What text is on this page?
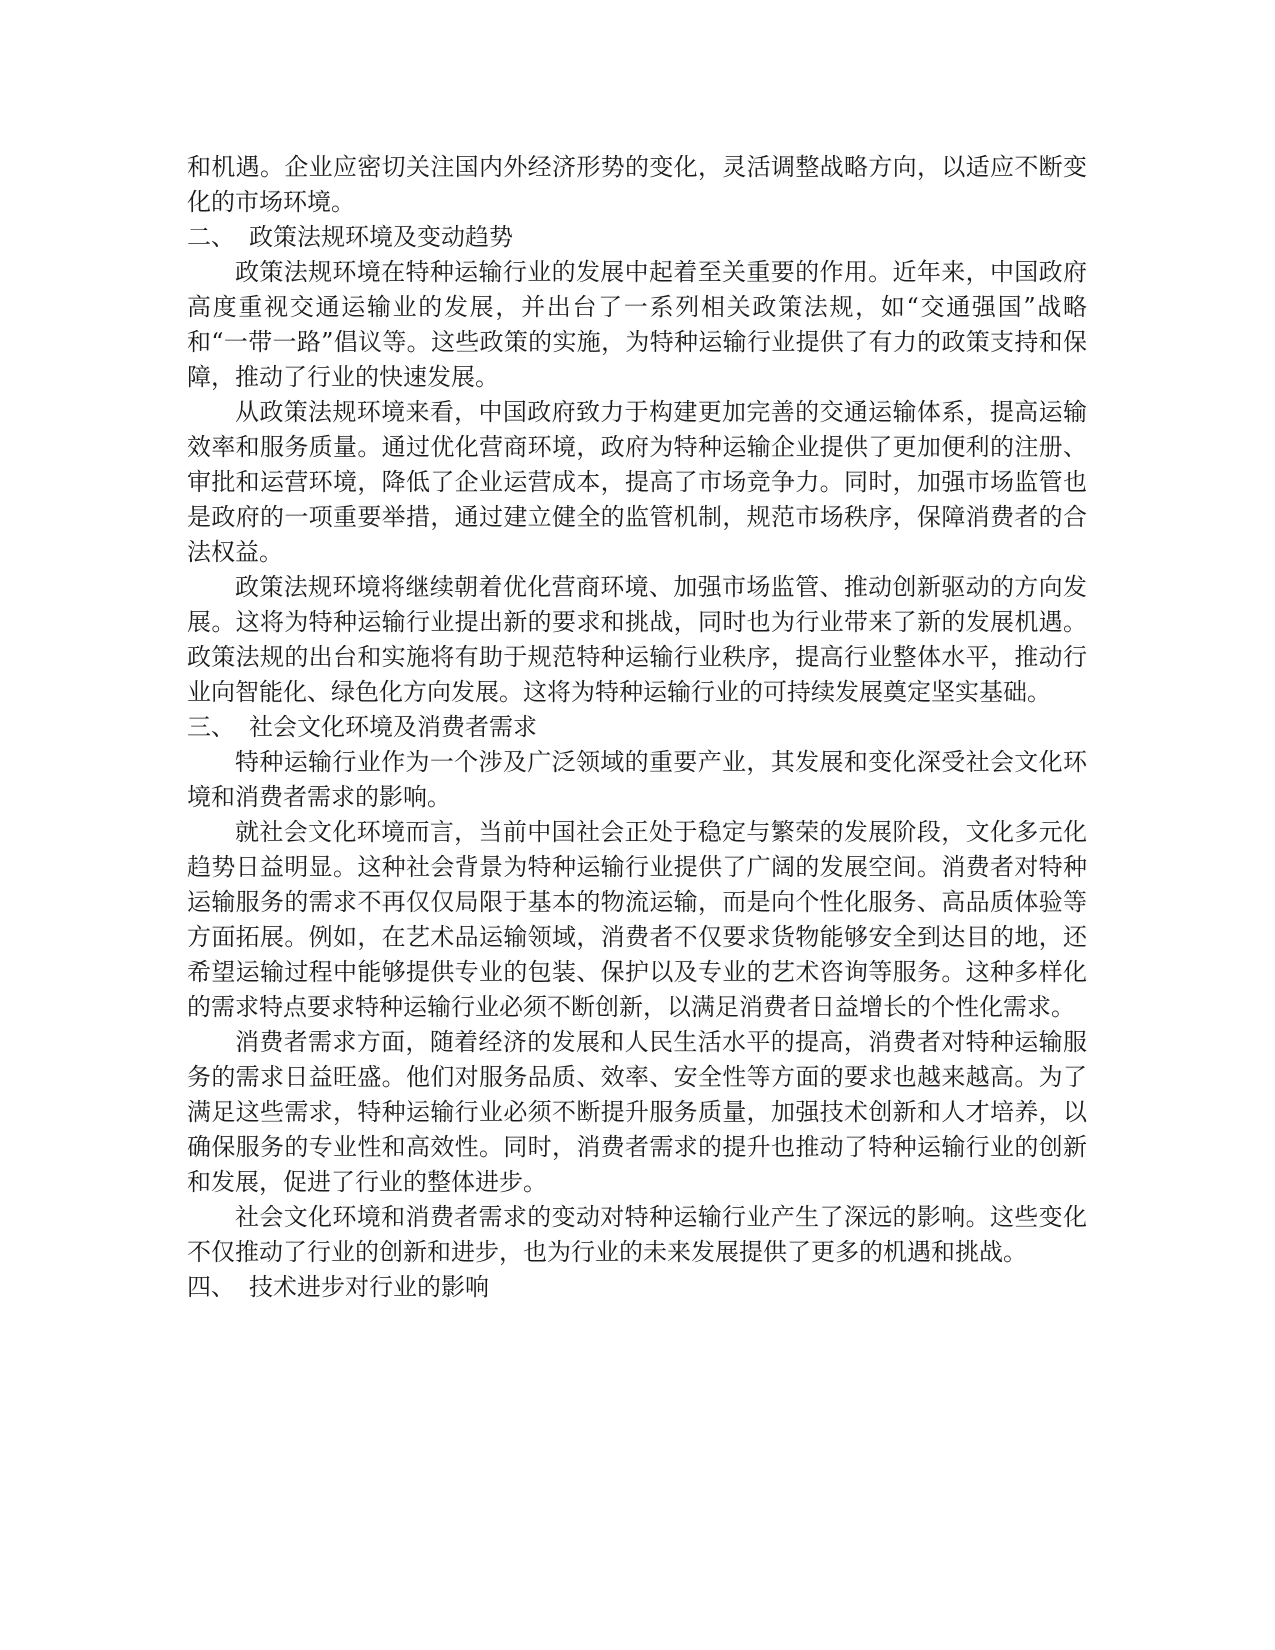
和机遇。企业应密切关注国内外经济形势的变化，灵活调整战略方向，以适应不断变化的市场环境。

二、 政策法规环境及变动趋势

政策法规环境在特种运输行业的发展中起着至关重要的作用。近年来，中国政府高度重视交通运输业的发展，并出台了一系列相关政策法规，如“交通强国”战略和“一带一路”倡议等。这些政策的实施，为特种运输行业提供了有力的政策支持和保障，推动了行业的快速发展。

从政策法规环境来看，中国政府致力于构建更加完善的交通运输体系，提高运输效率和服务质量。通过优化营商环境，政府为特种运输企业提供了更加便利的注册、审批和运营环境，降低了企业运营成本，提高了市场竞争力。同时，加强市场监管也是政府的一项重要举措，通过建立健全的监管机制，规范市场秩序，保障消费者的合法权益。

政策法规环境将继续朝着优化营商环境、加强市场监管、推动创新驱动的方向发展。这将为特种运输行业提出新的要求和挑战，同时也为行业带来了新的发展机遇。政策法规的出台和实施将有助于规范特种运输行业秩序，提高行业整体水平，推动行业向智能化、绿色化方向发展。这将为特种运输行业的可持续发展奠定坚实基础。

三、 社会文化环境及消费者需求

特种运输行业作为一个涉及广泛领域的重要产业，其发展和变化深受社会文化环境和消费者需求的影响。

就社会文化环境而言，当前中国社会正处于稳定与繁荣的发展阶段，文化多元化趋势日益明显。这种社会背景为特种运输行业提供了广阔的发展空间。消费者对特种运输服务的需求不再仅仅局限于基本的物流运输，而是向个性化服务、高品质体验等方面拓展。例如，在艺术品运输领域，消费者不仅要求货物能够安全到达目的地，还希望运输过程中能够提供专业的包装、保护以及专业的艺术咨询等服务。这种多样化的需求特点要求特种运输行业必须不断创新，以满足消费者日益增长的个性化需求。

消费者需求方面，随着经济的发展和人民生活水平的提高，消费者对特种运输服务的需求日益旺盛。他们对服务品质、效率、安全性等方面的要求也越来越高。为了满足这些需求，特种运输行业必须不断提升服务质量，加强技术创新和人才培养，以确保服务的专业性和高效性。同时，消费者需求的提升也推动了特种运输行业的创新和发展，促进了行业的整体进步。

社会文化环境和消费者需求的变动对特种运输行业产生了深远的影响。这些变化不仅推动了行业的创新和进步，也为行业的未来发展提供了更多的机遇和挑战。

四、 技术进步对行业的影响
